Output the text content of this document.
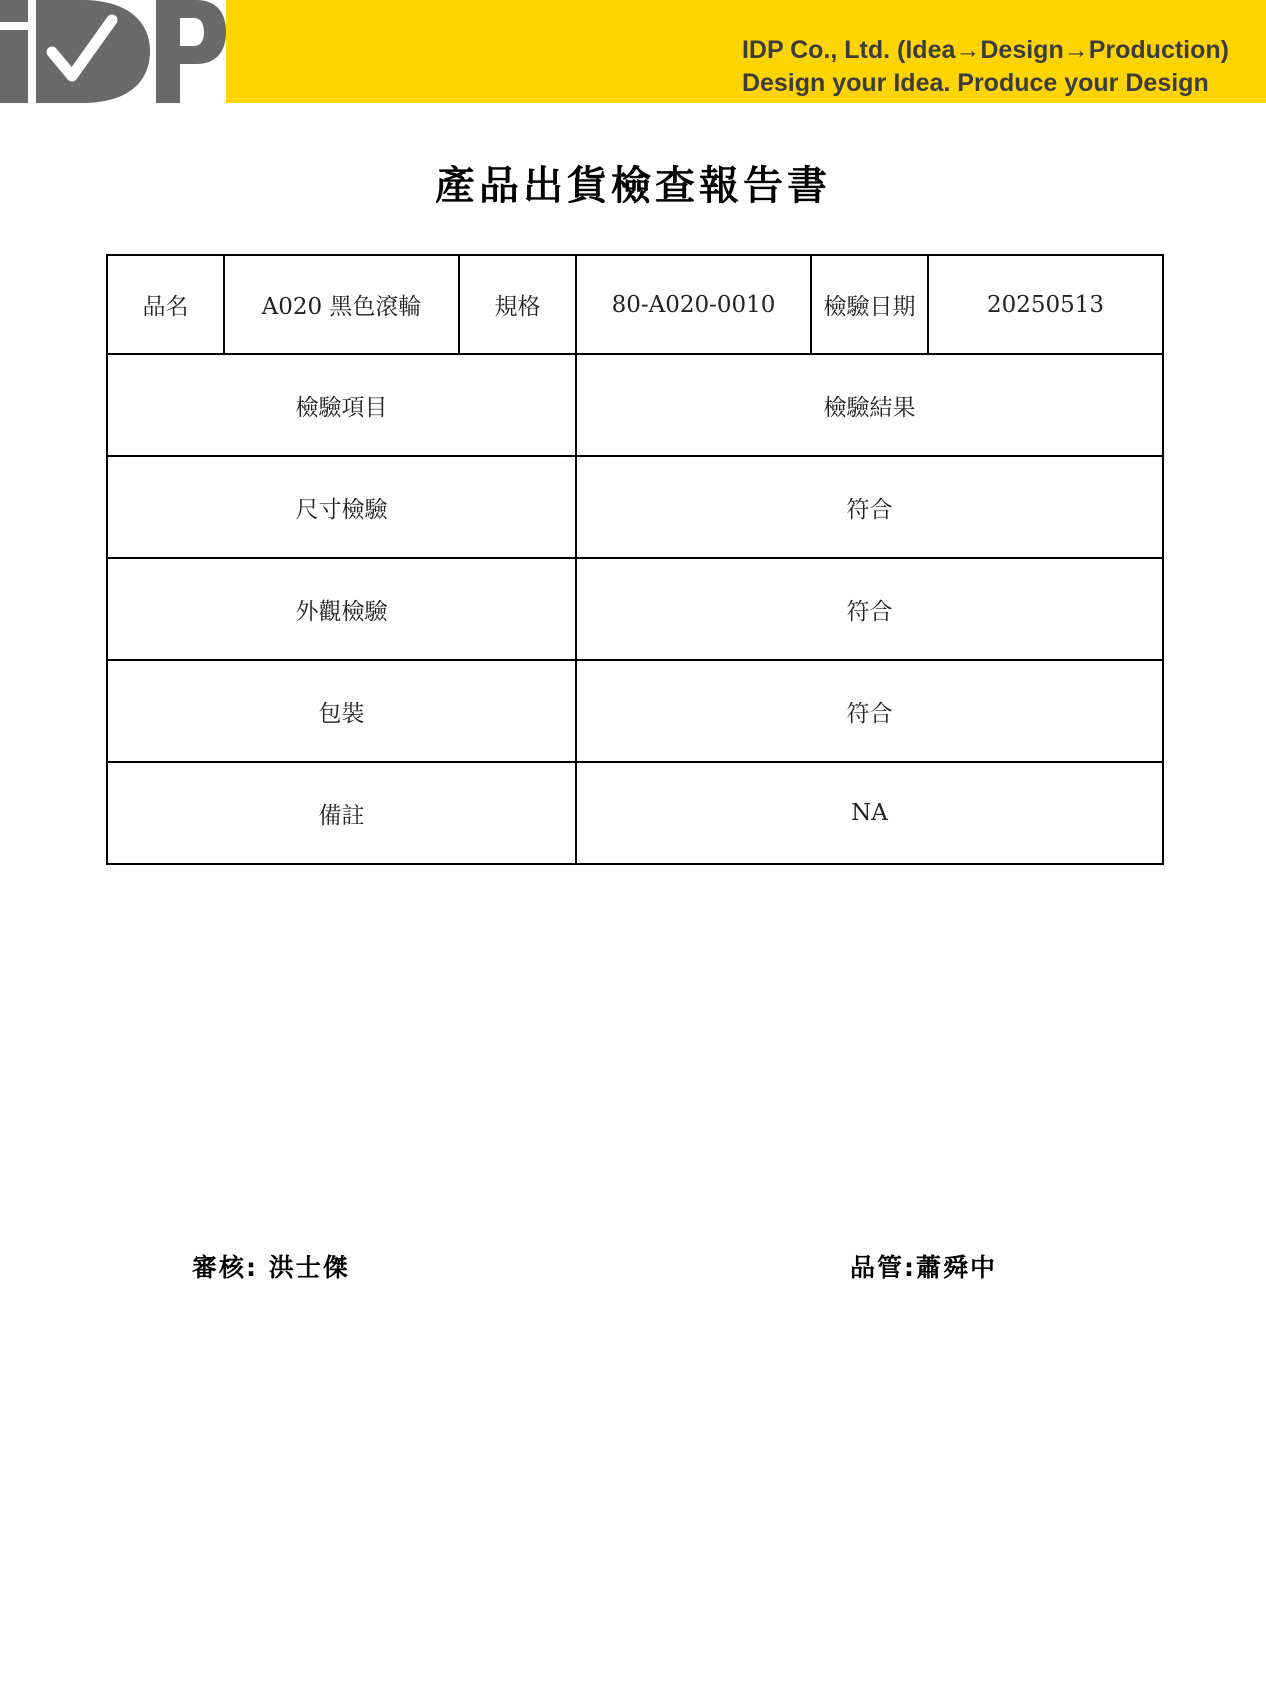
IDP Co., Ltd. (Idea→Design→Production)
Design your Idea. Produce your Design
產品出貨檢查報告書
品名	A020 黑色滾輪	規格	80-A020-0010	檢驗日期	20250513
檢驗項目			檢驗結果		
尺寸檢驗			符合		
外觀檢驗			符合		
包裝			符合		
備註			NA		
審核: 洪士傑	品管:蕭舜中
